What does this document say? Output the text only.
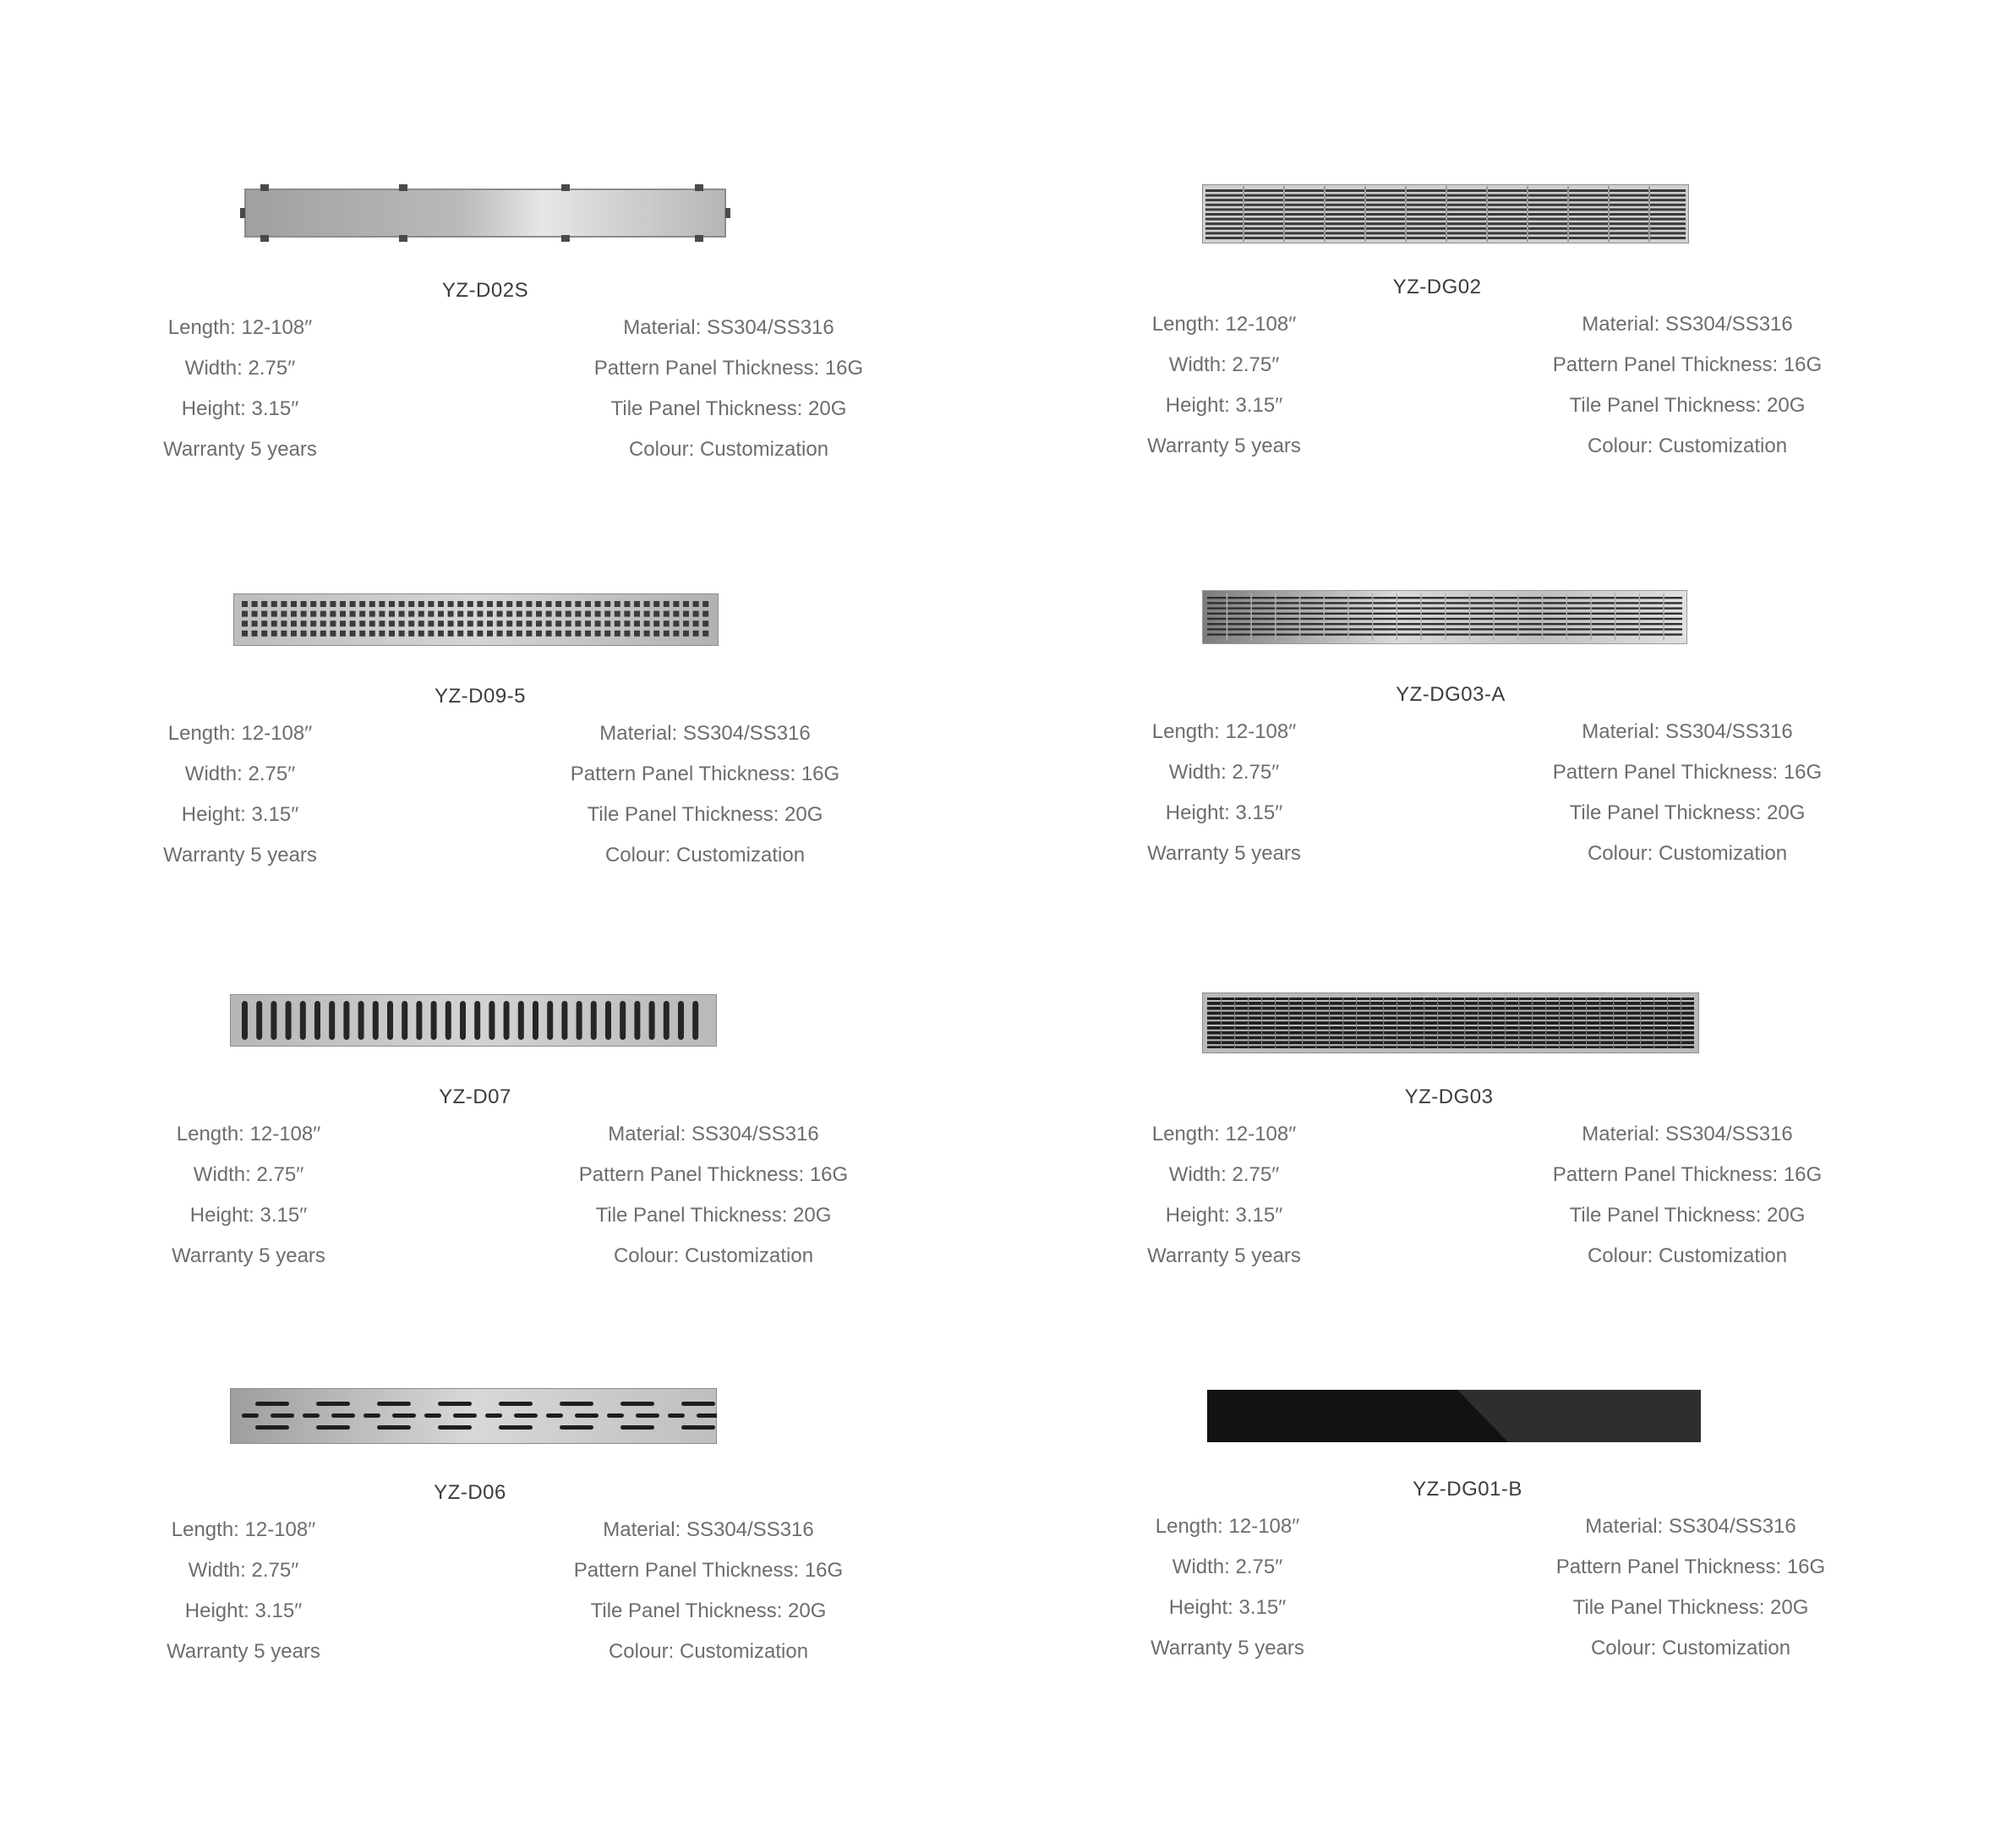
YZ-D02S
Length: 12-108′′
Width: 2.75′′
Height: 3.15′′
Warranty 5 years
Material: SS304/SS316
Pattern Panel Thickness: 16G
Tile Panel Thickness: 20G
Colour: Customization
YZ-DG02
Length: 12-108′′
Width: 2.75′′
Height: 3.15′′
Warranty 5 years
Material: SS304/SS316
Pattern Panel Thickness: 16G
Tile Panel Thickness: 20G
Colour: Customization
YZ-D09-5
Length: 12-108′′
Width: 2.75′′
Height: 3.15′′
Warranty 5 years
Material: SS304/SS316
Pattern Panel Thickness: 16G
Tile Panel Thickness: 20G
Colour: Customization
YZ-DG03-A
Length: 12-108′′
Width: 2.75′′
Height: 3.15′′
Warranty 5 years
Material: SS304/SS316
Pattern Panel Thickness: 16G
Tile Panel Thickness: 20G
Colour: Customization
YZ-D07
Length: 12-108′′
Width: 2.75′′
Height: 3.15′′
Warranty 5 years
Material: SS304/SS316
Pattern Panel Thickness: 16G
Tile Panel Thickness: 20G
Colour: Customization
YZ-DG03
Length: 12-108′′
Width: 2.75′′
Height: 3.15′′
Warranty 5 years
Material: SS304/SS316
Pattern Panel Thickness: 16G
Tile Panel Thickness: 20G
Colour: Customization
YZ-D06
Length: 12-108′′
Width: 2.75′′
Height: 3.15′′
Warranty 5 years
Material: SS304/SS316
Pattern Panel Thickness: 16G
Tile Panel Thickness: 20G
Colour: Customization
YZ-DG01-B
Length: 12-108′′
Width: 2.75′′
Height: 3.15′′
Warranty 5 years
Material: SS304/SS316
Pattern Panel Thickness: 16G
Tile Panel Thickness: 20G
Colour: Customization
